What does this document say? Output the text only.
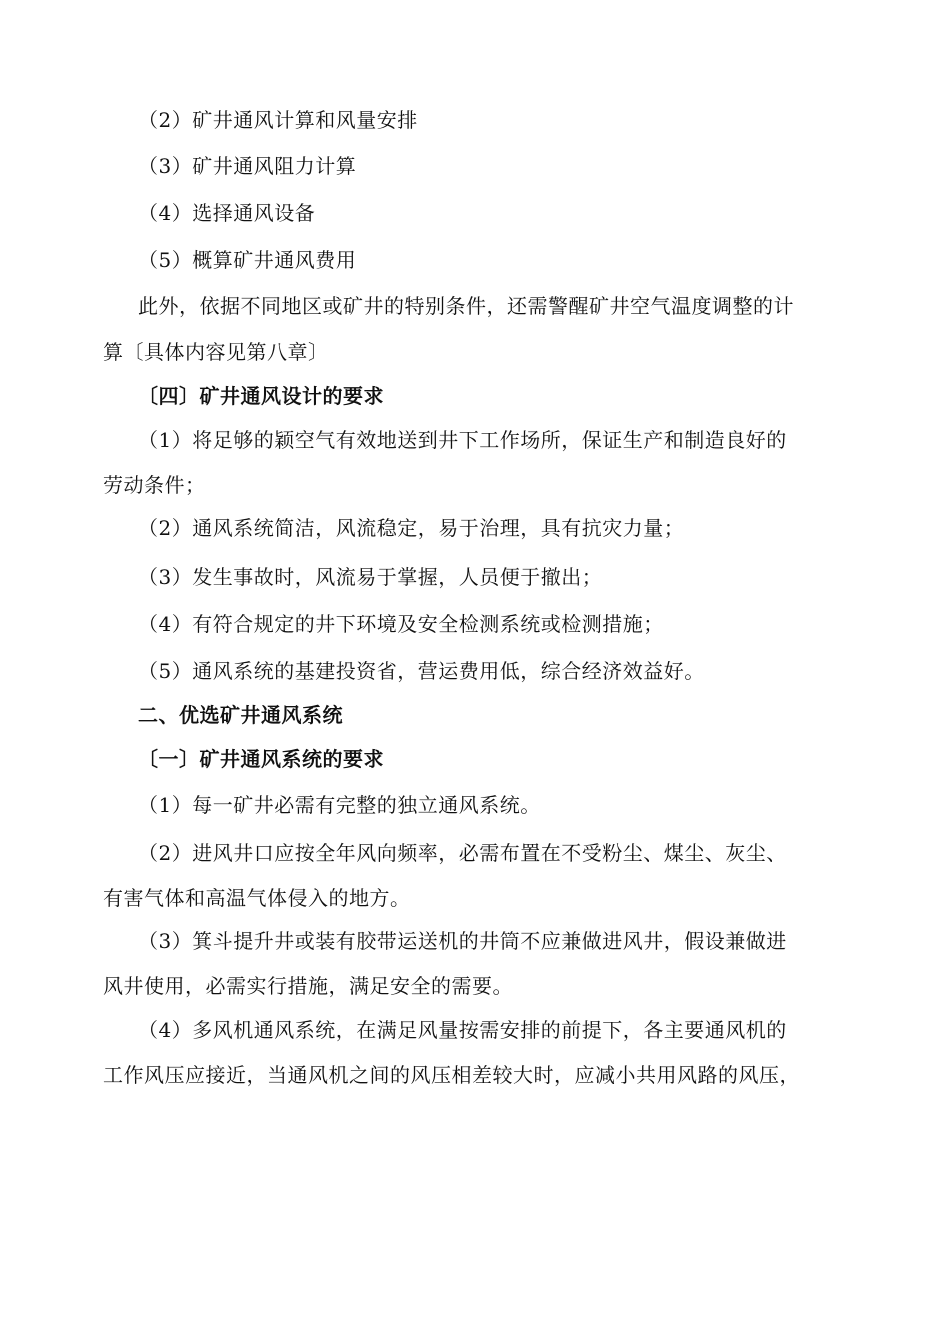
（2）矿井通风计算和风量安排
（3）矿井通风阻力计算
（4）选择通风设备
（5）概算矿井通风费用
此外，依据不同地区或矿井的特别条件，还需警醒矿井空气温度调整的计
算〔具体内容见第八章〕
〔四〕矿井通风设计的要求
（1）将足够的颖空气有效地送到井下工作场所，保证生产和制造良好的
劳动条件；
（2）通风系统简洁，风流稳定，易于治理，具有抗灾力量；
（3）发生事故时，风流易于掌握，人员便于撤出；
（4）有符合规定的井下环境及安全检测系统或检测措施；
（5）通风系统的基建投资省，营运费用低，综合经济效益好。
二、优选矿井通风系统
〔一〕矿井通风系统的要求
（1）每一矿井必需有完整的独立通风系统。
（2）进风井口应按全年风向频率，必需布置在不受粉尘、煤尘、灰尘、
有害气体和高温气体侵入的地方。
（3）箕斗提升井或装有胶带运送机的井筒不应兼做进风井，假设兼做进
风井使用，必需实行措施，满足安全的需要。
（4）多风机通风系统，在满足风量按需安排的前提下，各主要通风机的
工作风压应接近，当通风机之间的风压相差较大时，应减小共用风路的风压，
